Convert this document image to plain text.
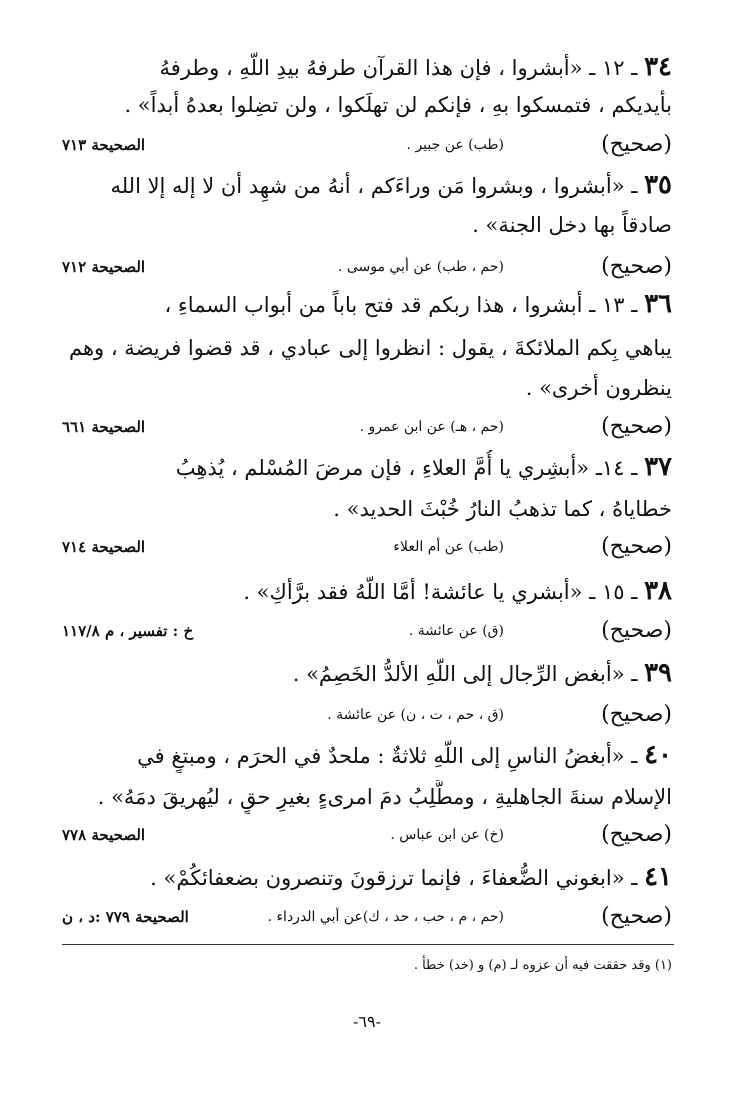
٣٤ ـ ١٢ ـ «أبشروا ، فإن هذا القرآن طرفهُ بيدِ اللّهِ ، وطرفهُ
بأيديكم ، فتمسكوا بهِ ، فإنكم لن تهلَكوا ، ولن تضِلوا بعدهُ أبداً» .
( صحيح )
(طب) عن جبير .
الصحيحة ٧١٣
٣٥ ـ «أبشروا ، وبشروا مَن وراءَكم ، أنهُ من شهِد أن لا إله إلا الله
صادقاً بها دخل الجنة» .
( صحيح )
(حم ، طب) عن أبي موسى .
الصحيحة ٧١٢
٣٦ ـ ١٣ ـ أبشروا ، هذا ربكم قد فتح باباً من أبواب السماءِ ،
يباهي بِكم الملائكةَ ، يقول : انظروا إلى عبادي ، قد قضوا فريضة ، وهم
ينظرون أخرى» .
( صحيح )
(حم ، هـ) عن ابن عمرو .
الصحيحة ٦٦١
٣٧ ـ ١٤ـ «أبشِري يا أُمَّ العلاءِ ، فإن مرضَ المُسْلم ، يُذهِبُ
خطاياهُ ، كما تذهبُ النارُ خُبْثَ الحديد» .
( صحيح )
(طب) عن أم العلاء
الصحيحة ٧١٤
٣٨ ـ ١٥ ـ «أبشري يا عائشة! أمَّا اللّهُ فقد برَّأكِ» .
( صحيح )
(ق) عن عائشة .
خ : تفسير ، م ١١٧/٨
٣٩ ـ «أبغض الرِّجال إلى اللّهِ الألدُّ الخَصِمُ» .
( صحيح )
(ق ، حم ، ت ، ن) عن عائشة .
٤٠ ـ «أبغضُ الناسِ إلى اللّهِ ثلاثةٌ : ملحدٌ في الحرَم ، ومبتغٍ في
الإسلام سنةَ الجاهليةِ ، ومطَّلِبُ دمَ امرىءٍ بغيرِ حقٍ ، ليُهريقَ دمَهُ» .
( صحيح )
(خ) عن ابن عباس .
الصحيحة ٧٧٨
٤١ ـ «ابغوني الضُّعفاءَ ، فإنما ترزقونَ وتنصرون بضعفائكُمْ» .
( صحيح )
(حم ، م ، حب ، حد ، ك)عن أبي الدرداء .
الصحيحة ٧٧٩ :د ، ن
(١) وقد حققت فيه أن عزوه لـ (م) و (خد) خطأ .
-٦٩-
